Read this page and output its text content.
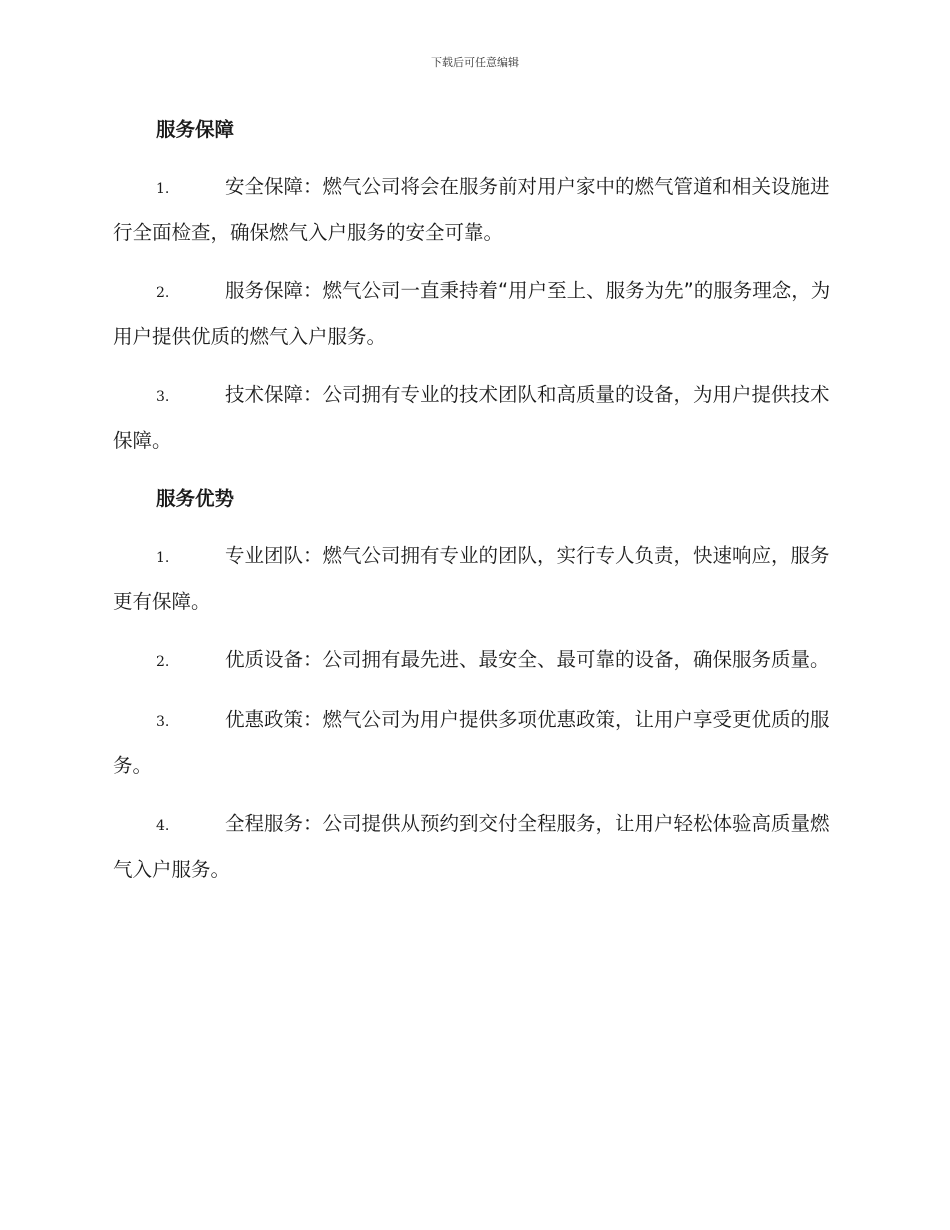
下载后可任意编辑
服务保障

1.	安全保障：燃气公司将会在服务前对用户家中的燃气管道和相关设施进行全面检查，确保燃气入户服务的安全可靠。

2.	服务保障：燃气公司一直秉持着“用户至上、服务为先”的服务理念，为用户提供优质的燃气入户服务。

3.	技术保障：公司拥有专业的技术团队和高质量的设备，为用户提供技术保障。

服务优势

1.	专业团队：燃气公司拥有专业的团队，实行专人负责，快速响应，服务更有保障。

2.	优质设备：公司拥有最先进、最安全、最可靠的设备，确保服务质量。

3.	优惠政策：燃气公司为用户提供多项优惠政策，让用户享受更优质的服务。

4.	全程服务：公司提供从预约到交付全程服务，让用户轻松体验高质量燃气入户服务。
